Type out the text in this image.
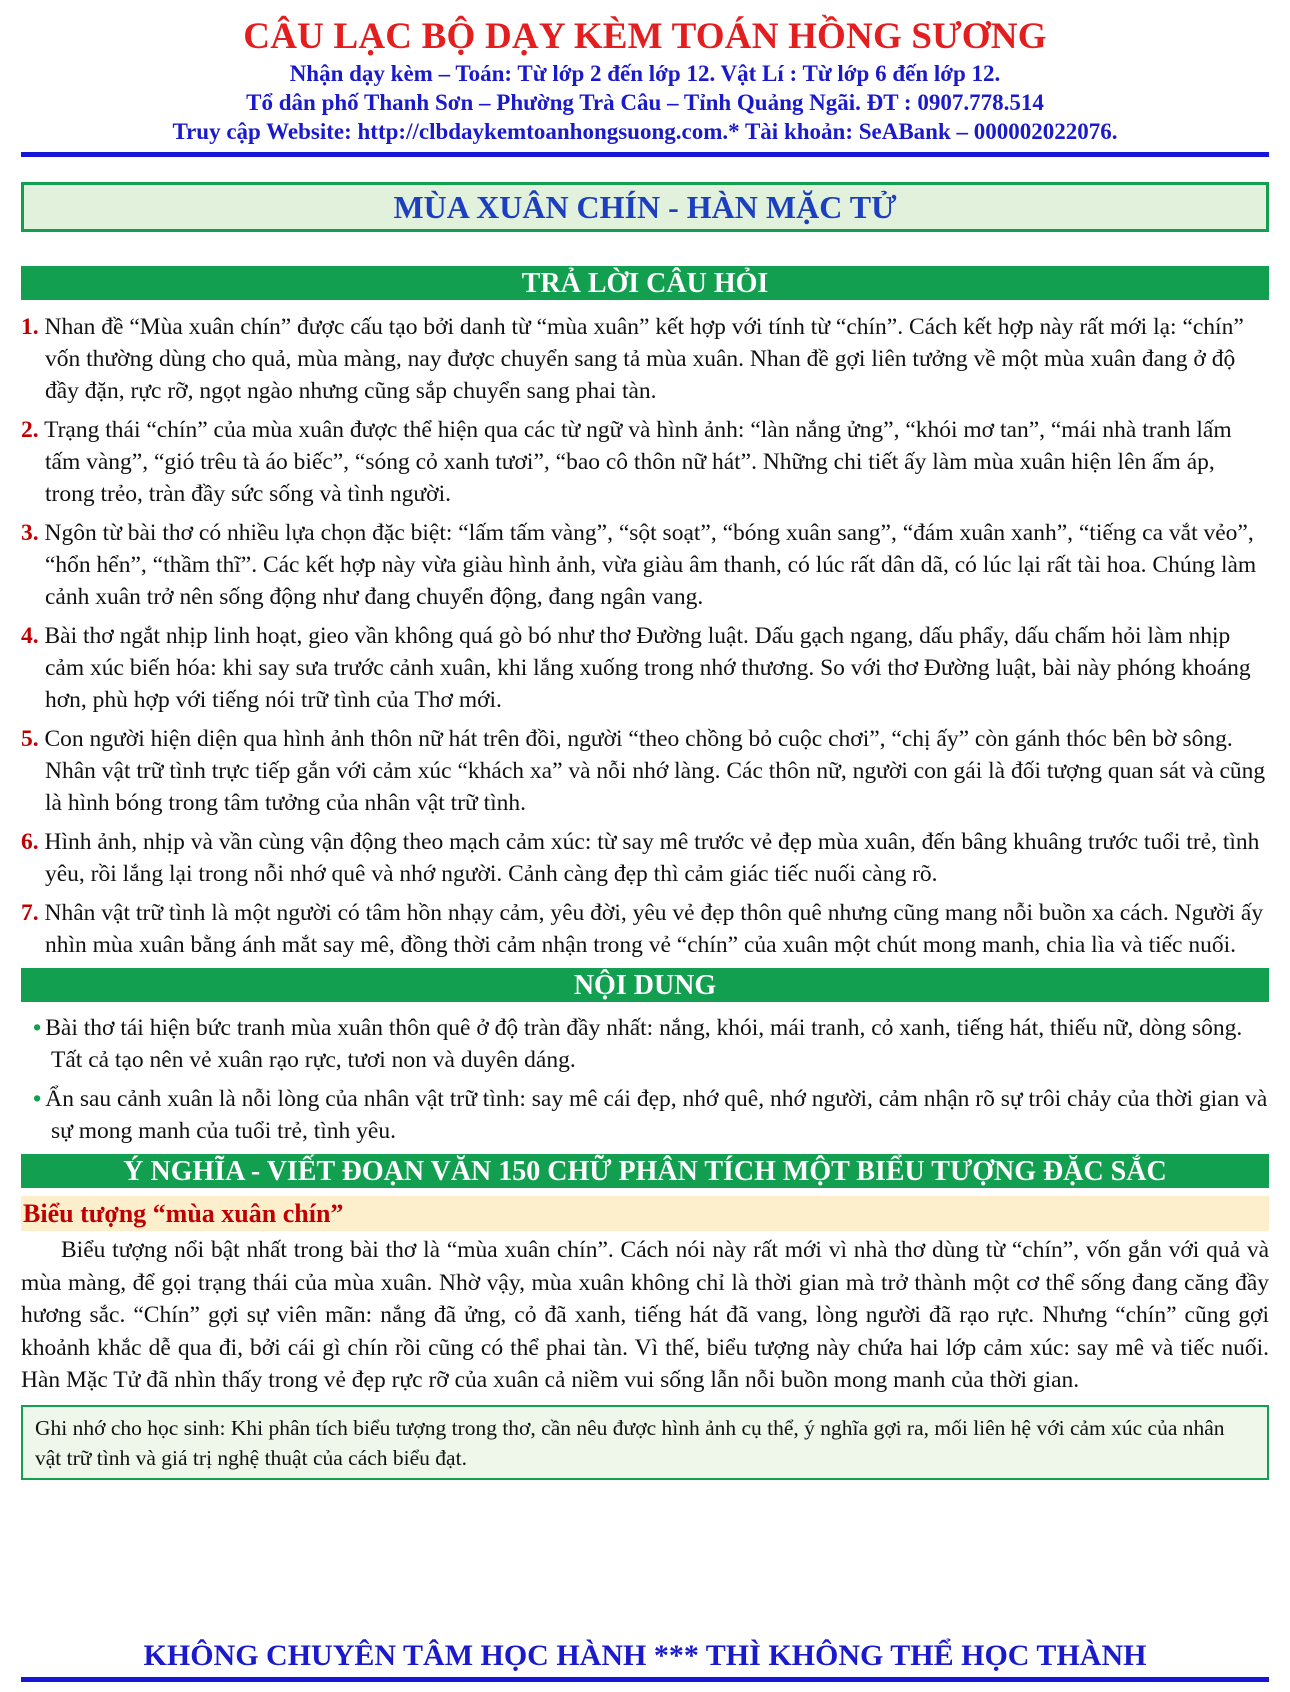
CÂU LẠC BỘ DẠY KÈM TOÁN HỒNG SƯƠNG
Nhận dạy kèm – Toán: Từ lớp 2 đến lớp 12. Vật Lí : Từ lớp 6 đến lớp 12.
Tổ dân phố Thanh Sơn – Phường Trà Câu – Tỉnh Quảng Ngãi. ĐT : 0907.778.514
Truy cập Website: http://clbdaykemtoanhongsuong.com.* Tài khoản: SeABank – 000002022076.
MÙA XUÂN CHÍN - HÀN MẶC TỬ
TRẢ LỜI CÂU HỎI
1. Nhan đề “Mùa xuân chín” được cấu tạo bởi danh từ “mùa xuân” kết hợp với tính từ “chín”. Cách kết hợp này rất mới lạ: “chín” vốn thường dùng cho quả, mùa màng, nay được chuyển sang tả mùa xuân. Nhan đề gợi liên tưởng về một mùa xuân đang ở độ đầy đặn, rực rỡ, ngọt ngào nhưng cũng sắp chuyển sang phai tàn.
2. Trạng thái “chín” của mùa xuân được thể hiện qua các từ ngữ và hình ảnh: “làn nắng ửng”, “khói mơ tan”, “mái nhà tranh lấm tấm vàng”, “gió trêu tà áo biếc”, “sóng cỏ xanh tươi”, “bao cô thôn nữ hát”. Những chi tiết ấy làm mùa xuân hiện lên ấm áp, trong trẻo, tràn đầy sức sống và tình người.
3. Ngôn từ bài thơ có nhiều lựa chọn đặc biệt: “lấm tấm vàng”, “sột soạt”, “bóng xuân sang”, “đám xuân xanh”, “tiếng ca vắt vẻo”, “hổn hển”, “thầm thĩ”. Các kết hợp này vừa giàu hình ảnh, vừa giàu âm thanh, có lúc rất dân dã, có lúc lại rất tài hoa. Chúng làm cảnh xuân trở nên sống động như đang chuyển động, đang ngân vang.
4. Bài thơ ngắt nhịp linh hoạt, gieo vần không quá gò bó như thơ Đường luật. Dấu gạch ngang, dấu phẩy, dấu chấm hỏi làm nhịp cảm xúc biến hóa: khi say sưa trước cảnh xuân, khi lắng xuống trong nhớ thương. So với thơ Đường luật, bài này phóng khoáng hơn, phù hợp với tiếng nói trữ tình của Thơ mới.
5. Con người hiện diện qua hình ảnh thôn nữ hát trên đồi, người “theo chồng bỏ cuộc chơi”, “chị ấy” còn gánh thóc bên bờ sông. Nhân vật trữ tình trực tiếp gắn với cảm xúc “khách xa” và nỗi nhớ làng. Các thôn nữ, người con gái là đối tượng quan sát và cũng là hình bóng trong tâm tưởng của nhân vật trữ tình.
6. Hình ảnh, nhịp và vần cùng vận động theo mạch cảm xúc: từ say mê trước vẻ đẹp mùa xuân, đến bâng khuâng trước tuổi trẻ, tình yêu, rồi lắng lại trong nỗi nhớ quê và nhớ người. Cảnh càng đẹp thì cảm giác tiếc nuối càng rõ.
7. Nhân vật trữ tình là một người có tâm hồn nhạy cảm, yêu đời, yêu vẻ đẹp thôn quê nhưng cũng mang nỗi buồn xa cách. Người ấy nhìn mùa xuân bằng ánh mắt say mê, đồng thời cảm nhận trong vẻ “chín” của xuân một chút mong manh, chia lìa và tiếc nuối.
NỘI DUNG
• Bài thơ tái hiện bức tranh mùa xuân thôn quê ở độ tràn đầy nhất: nắng, khói, mái tranh, cỏ xanh, tiếng hát, thiếu nữ, dòng sông. Tất cả tạo nên vẻ xuân rạo rực, tươi non và duyên dáng.
• Ẩn sau cảnh xuân là nỗi lòng của nhân vật trữ tình: say mê cái đẹp, nhớ quê, nhớ người, cảm nhận rõ sự trôi chảy của thời gian và sự mong manh của tuổi trẻ, tình yêu.
Ý NGHĨA - VIẾT ĐOẠN VĂN 150 CHỮ PHÂN TÍCH MỘT BIỂU TƯỢNG ĐẶC SẮC
Biểu tượng “mùa xuân chín”
Biểu tượng nổi bật nhất trong bài thơ là “mùa xuân chín”. Cách nói này rất mới vì nhà thơ dùng từ “chín”, vốn gắn với quả và mùa màng, để gọi trạng thái của mùa xuân. Nhờ vậy, mùa xuân không chỉ là thời gian mà trở thành một cơ thể sống đang căng đầy hương sắc. “Chín” gợi sự viên mãn: nắng đã ửng, cỏ đã xanh, tiếng hát đã vang, lòng người đã rạo rực. Nhưng “chín” cũng gợi khoảnh khắc dễ qua đi, bởi cái gì chín rồi cũng có thể phai tàn. Vì thế, biểu tượng này chứa hai lớp cảm xúc: say mê và tiếc nuối. Hàn Mặc Tử đã nhìn thấy trong vẻ đẹp rực rỡ của xuân cả niềm vui sống lẫn nỗi buồn mong manh của thời gian.
Ghi nhớ cho học sinh: Khi phân tích biểu tượng trong thơ, cần nêu được hình ảnh cụ thể, ý nghĩa gợi ra, mối liên hệ với cảm xúc của nhân vật trữ tình và giá trị nghệ thuật của cách biểu đạt.
KHÔNG CHUYÊN TÂM HỌC HÀNH *** THÌ KHÔNG THỂ HỌC THÀNH
